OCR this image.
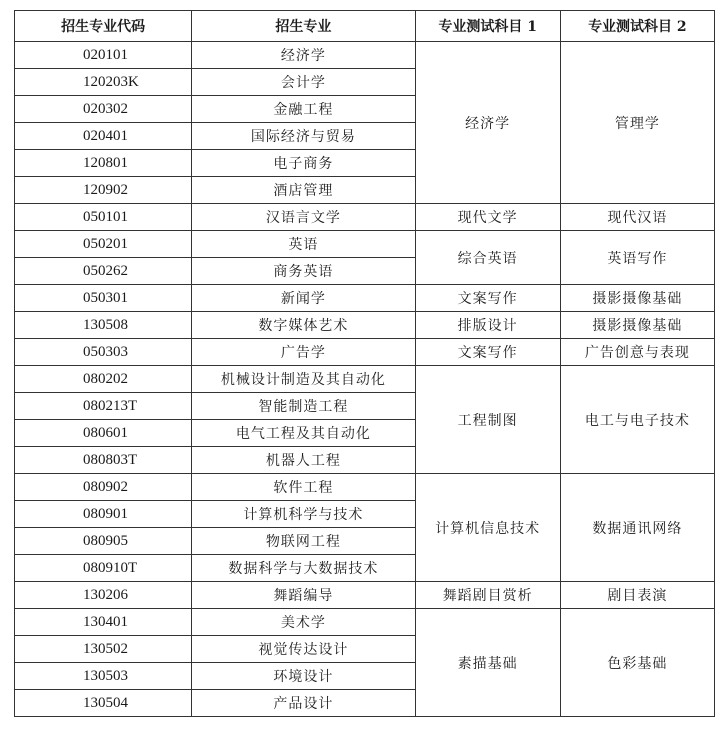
招生专业代码	招生专业	专业测试科目 1	专业测试科目 2
020101	经济学	经济学	管理学
120203K	会计学		
020302	金融工程		
020401	国际经济与贸易		
120801	电子商务		
120902	酒店管理		
050101	汉语言文学	现代文学	现代汉语
050201	英语	综合英语	英语写作
050262	商务英语		
050301	新闻学	文案写作	摄影摄像基础
130508	数字媒体艺术	排版设计	摄影摄像基础
050303	广告学	文案写作	广告创意与表现
080202	机械设计制造及其自动化	工程制图	电工与电子技术
080213T	智能制造工程		
080601	电气工程及其自动化		
080803T	机器人工程		
080902	软件工程	计算机信息技术	数据通讯网络
080901	计算机科学与技术		
080905	物联网工程		
080910T	数据科学与大数据技术		
130206	舞蹈编导	舞蹈剧目赏析	剧目表演
130401	美术学	素描基础	色彩基础
130502	视觉传达设计		
130503	环境设计		
130504	产品设计		
